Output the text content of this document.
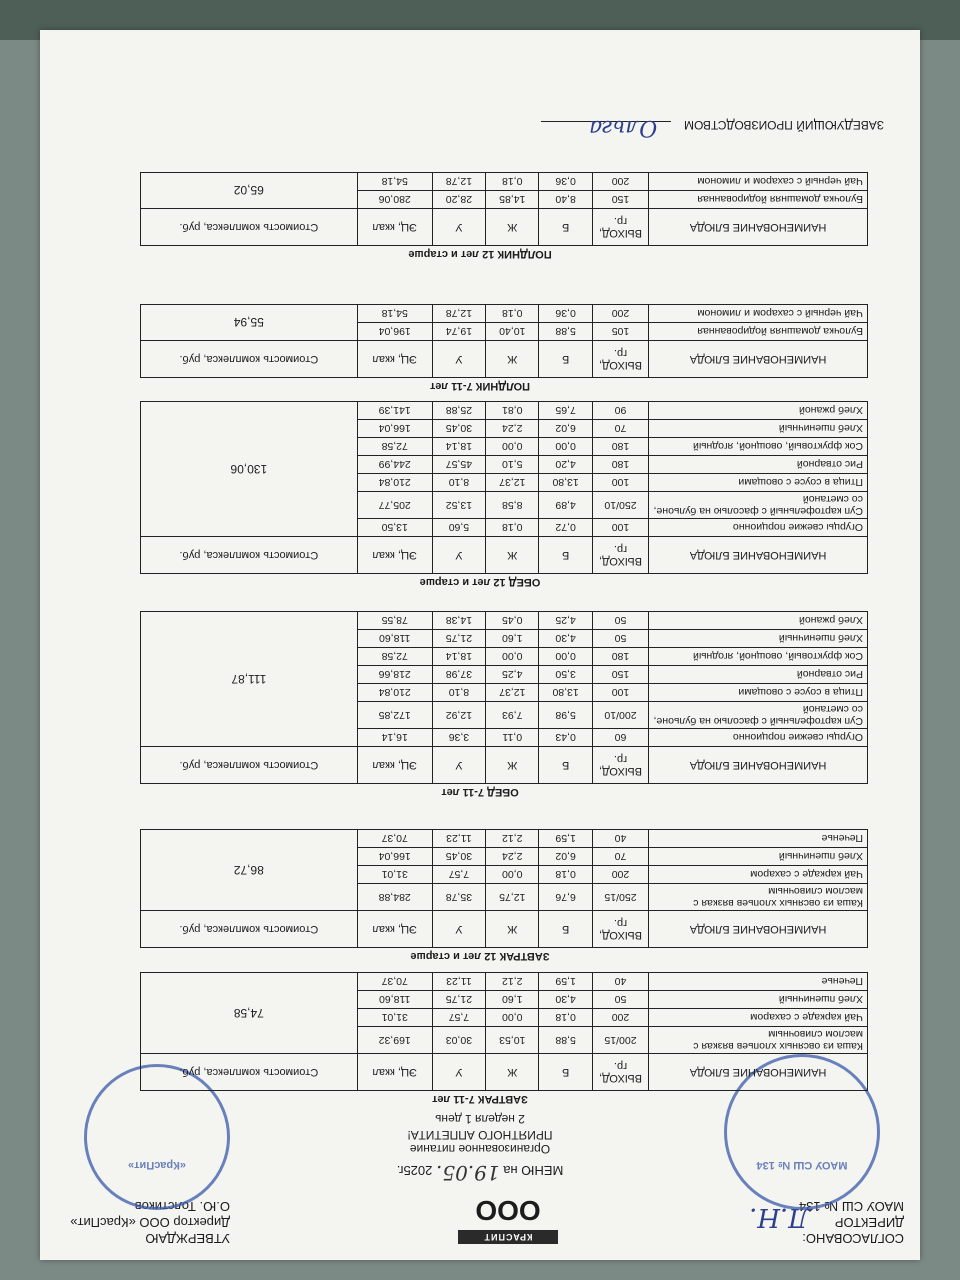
СОГЛАСОВАНО:
ДИРЕКТОР
МАОУ СШ № 134
Л.Н.
МАОУ СШ № 134
КРАСПИТ
ООО
УТВЕРЖДАЮ
Директор ООО «КрасПит»
О.Ю. Толстиков
«КрасПит»	МЕНЮ на 19.05. 2025г.
Организованное питание
ПРИЯТНОГО АППЕТИТА!
2 неделя 1 день
ЗАВТРАК 7-11 лет
НАИМЕНОВАНИЕ БЛЮДА	ВЫХОД, гр.	Б	Ж	У	ЭЦ, ккал	Стоимость комплекса, руб.
Каша из овсяных хлопьев вязкая с маслом сливочным	200/15	5,88	10,53	30,03	169,32	74,58
Чай каркаде с сахаром	200	0,18	0,00	7,57	31,01	
Хлеб пшеничный	50	4,30	1,60	21,75	118,60	
Печенье	40	1,59	2,12	11,23	70,37	
ЗАВТРАК 12 лет и старше
НАИМЕНОВАНИЕ БЛЮДА	ВЫХОД, гр.	Б	Ж	У	ЭЦ, ккал	Стоимость комплекса, руб.
Каша из овсяных хлопьев вязкая с маслом сливочным	250/15	6,76	12,75	35,78	284,88	86,72
Чай каркаде с сахаром	200	0,18	0,00	7,57	31,01	
Хлеб пшеничный	70	6,02	2,24	30,45	166,04	
Печенье	40	1,59	2,12	11,23	70,37	
ОБЕД 7-11 лет
НАИМЕНОВАНИЕ БЛЮДА	ВЫХОД, гр.	Б	Ж	У	ЭЦ, ккал	Стоимость комплекса, руб.
Огурцы свежие порционно	60	0,43	0,11	3,36	16,14	111,87
Суп картофельный с фасолью на бульоне, со сметаной	200/10	5,98	7,93	12,92	172,85	
Птица в соусе с овощами	100	13,80	12,37	8,10	210,84	
Рис отварной	150	3,50	4,25	37,98	218,66	
Сок фруктовый, овощной, ягодный	180	0,00	0,00	18,14	72,58	
Хлеб пшеничный	50	4,30	1,60	21,75	118,60	
Хлеб ржаной	50	4,25	0,45	14,38	78,55	
ОБЕД 12 лет и старше
НАИМЕНОВАНИЕ БЛЮДА	ВЫХОД, гр.	Б	Ж	У	ЭЦ, ккал	Стоимость комплекса, руб.
Огурцы свежие порционно	100	0,72	0,18	5,60	13,50	130,06
Суп картофельный с фасолью на бульоне, со сметаной	250/10	4,89	8,58	13,52	205,77	
Птица в соусе с овощами	100	13,80	12,37	8,10	210,84	
Рис отварной	180	4,20	5,10	45,57	244,99	
Сок фруктовый, овощной, ягодный	180	0,00	0,00	18,14	72,58	
Хлеб пшеничный	70	6,02	2,24	30,45	166,04	
Хлеб ржаной	90	7,65	0,81	25,88	141,39	
ПОЛДНИК 7-11 лет
НАИМЕНОВАНИЕ БЛЮДА	ВЫХОД, гр.	Б	Ж	У	ЭЦ, ккал	Стоимость комплекса, руб.
Булочка домашняя йодированная	105	5,88	10,40	19,74	196,04	55,94
Чай черный с сахаром и лимоном	200	0,36	0,18	12,78	54,18	
ПОЛДНИК 12 лет и старше
НАИМЕНОВАНИЕ БЛЮДА	ВЫХОД, гр.	Б	Ж	У	ЭЦ, ккал	Стоимость комплекса, руб.
Булочка домашняя йодированная	150	8,40	14,85	28,20	280,06	65,02
Чай черный с сахаром и лимоном	200	0,36	0,18	12,78	54,18	
ЗАВЕДУЮЩИЙ ПРОИЗВОДСТВОМ  Ольга
